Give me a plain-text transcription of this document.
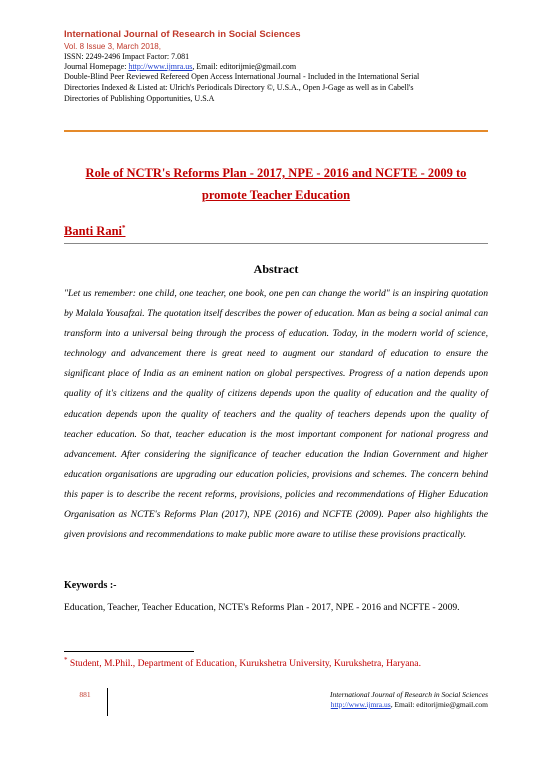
International Journal of Research in Social Sciences
Vol. 8 Issue 3, March 2018,
ISSN: 2249-2496 Impact Factor: 7.081
Journal Homepage: http://www.ijmra.us, Email: editorijmie@gmail.com
Double-Blind Peer Reviewed Refereed Open Access International Journal - Included in the International Serial
Directories Indexed & Listed at: Ulrich's Periodicals Directory ©, U.S.A., Open J-Gage as well as in Cabell's
Directories of Publishing Opportunities, U.S.A
Role of NCTR's Reforms Plan - 2017, NPE - 2016 and NCFTE - 2009 to
promote Teacher Education
Banti Rani*
Abstract
"Let us remember: one child, one teacher, one book, one pen can change the world" is an inspiring quotation by Malala Yousafzai. The quotation itself describes the power of education. Man as being a social animal can transform into a universal being through the process of education. Today, in the modern world of science, technology and advancement there is great need to augment our standard of education to ensure the significant place of India as an eminent nation on global perspectives. Progress of a nation depends upon quality of it's citizens and the quality of citizens depends upon the quality of education and the quality of education depends upon the quality of teachers and the quality of teachers depends upon the quality of teacher education. So that, teacher education is the most important component for national progress and advancement. After considering the significance of teacher education the Indian Government and higher education organisations are upgrading our education policies, provisions and schemes. The concern behind this paper is to describe the recent reforms, provisions, policies and recommendations of Higher Education Organisation as NCTE's Reforms Plan (2017), NPE (2016) and NCFTE (2009). Paper also highlights the given provisions and recommendations to make public more aware to utilise these provisions practically.
Keywords :-
Education, Teacher, Teacher Education, NCTE's Reforms Plan - 2017, NPE - 2016 and NCFTE - 2009.
* Student, M.Phil., Department of Education, Kurukshetra University, Kurukshetra, Haryana.
881	International Journal of Research in Social Sciences
http://www.ijmra.us, Email: editorijmie@gmail.com
